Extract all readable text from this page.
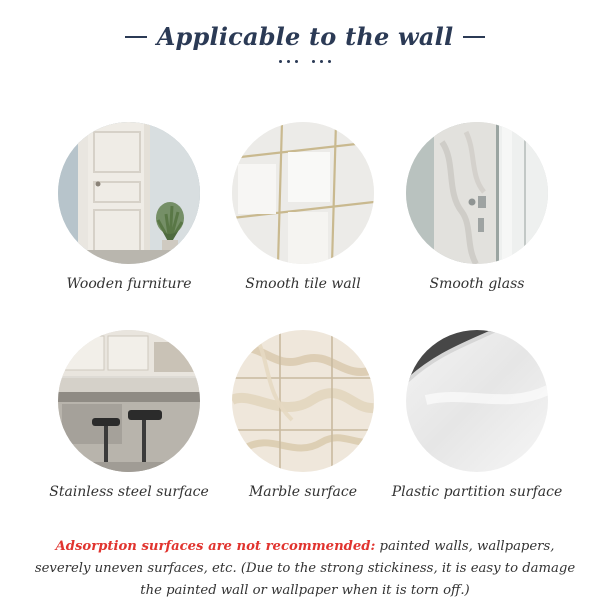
Applicable to the wall
Wooden furniture	Smooth tile wall	Smooth glass
Stainless steel surface	Marble surface	Plastic partition surface
Adsorption surfaces are not recommended: painted walls, wallpapers, severely uneven surfaces, etc. (Due to the strong stickiness, it is easy to damage the painted wall or wallpaper when it is torn off.)
